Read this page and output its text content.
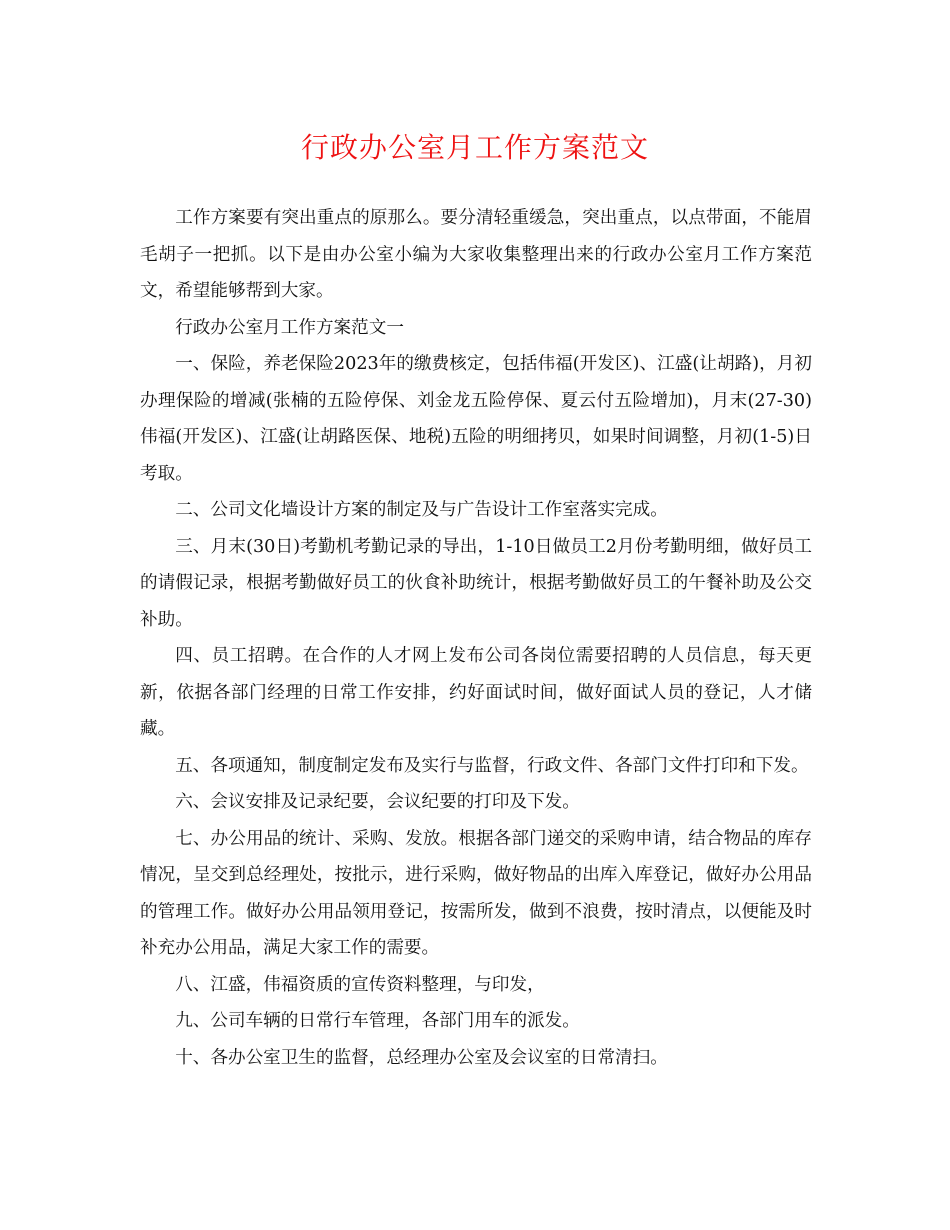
行政办公室月工作方案范文

工作方案要有突出重点的原那么。要分清轻重缓急，突出重点，以点带面，不能眉毛胡子一把抓。以下是由办公室小编为大家收集整理出来的行政办公室月工作方案范文，希望能够帮到大家。

行政办公室月工作方案范文一

一、保险，养老保险2023年的缴费核定，包括伟福(开发区)、江盛(让胡路)，月初办理保险的增减(张楠的五险停保、刘金龙五险停保、夏云付五险增加)，月末(27-30)伟福(开发区)、江盛(让胡路医保、地税)五险的明细拷贝，如果时间调整，月初(1-5)日考取。

二、公司文化墙设计方案的制定及与广告设计工作室落实完成。

三、月末(30日)考勤机考勤记录的导出，1-10日做员工2月份考勤明细，做好员工的请假记录，根据考勤做好员工的伙食补助统计，根据考勤做好员工的午餐补助及公交补助。

四、员工招聘。在合作的人才网上发布公司各岗位需要招聘的人员信息，每天更新，依据各部门经理的日常工作安排，约好面试时间，做好面试人员的登记，人才储藏。

五、各项通知，制度制定发布及实行与监督，行政文件、各部门文件打印和下发。

六、会议安排及记录纪要，会议纪要的打印及下发。

七、办公用品的统计、采购、发放。根据各部门递交的采购申请，结合物品的库存情况，呈交到总经理处，按批示，进行采购，做好物品的出库入库登记，做好办公用品的管理工作。做好办公用品领用登记，按需所发，做到不浪费，按时清点，以便能及时补充办公用品，满足大家工作的需要。

八、江盛，伟福资质的宣传资料整理，与印发，

九、公司车辆的日常行车管理，各部门用车的派发。

十、各办公室卫生的监督，总经理办公室及会议室的日常清扫。
